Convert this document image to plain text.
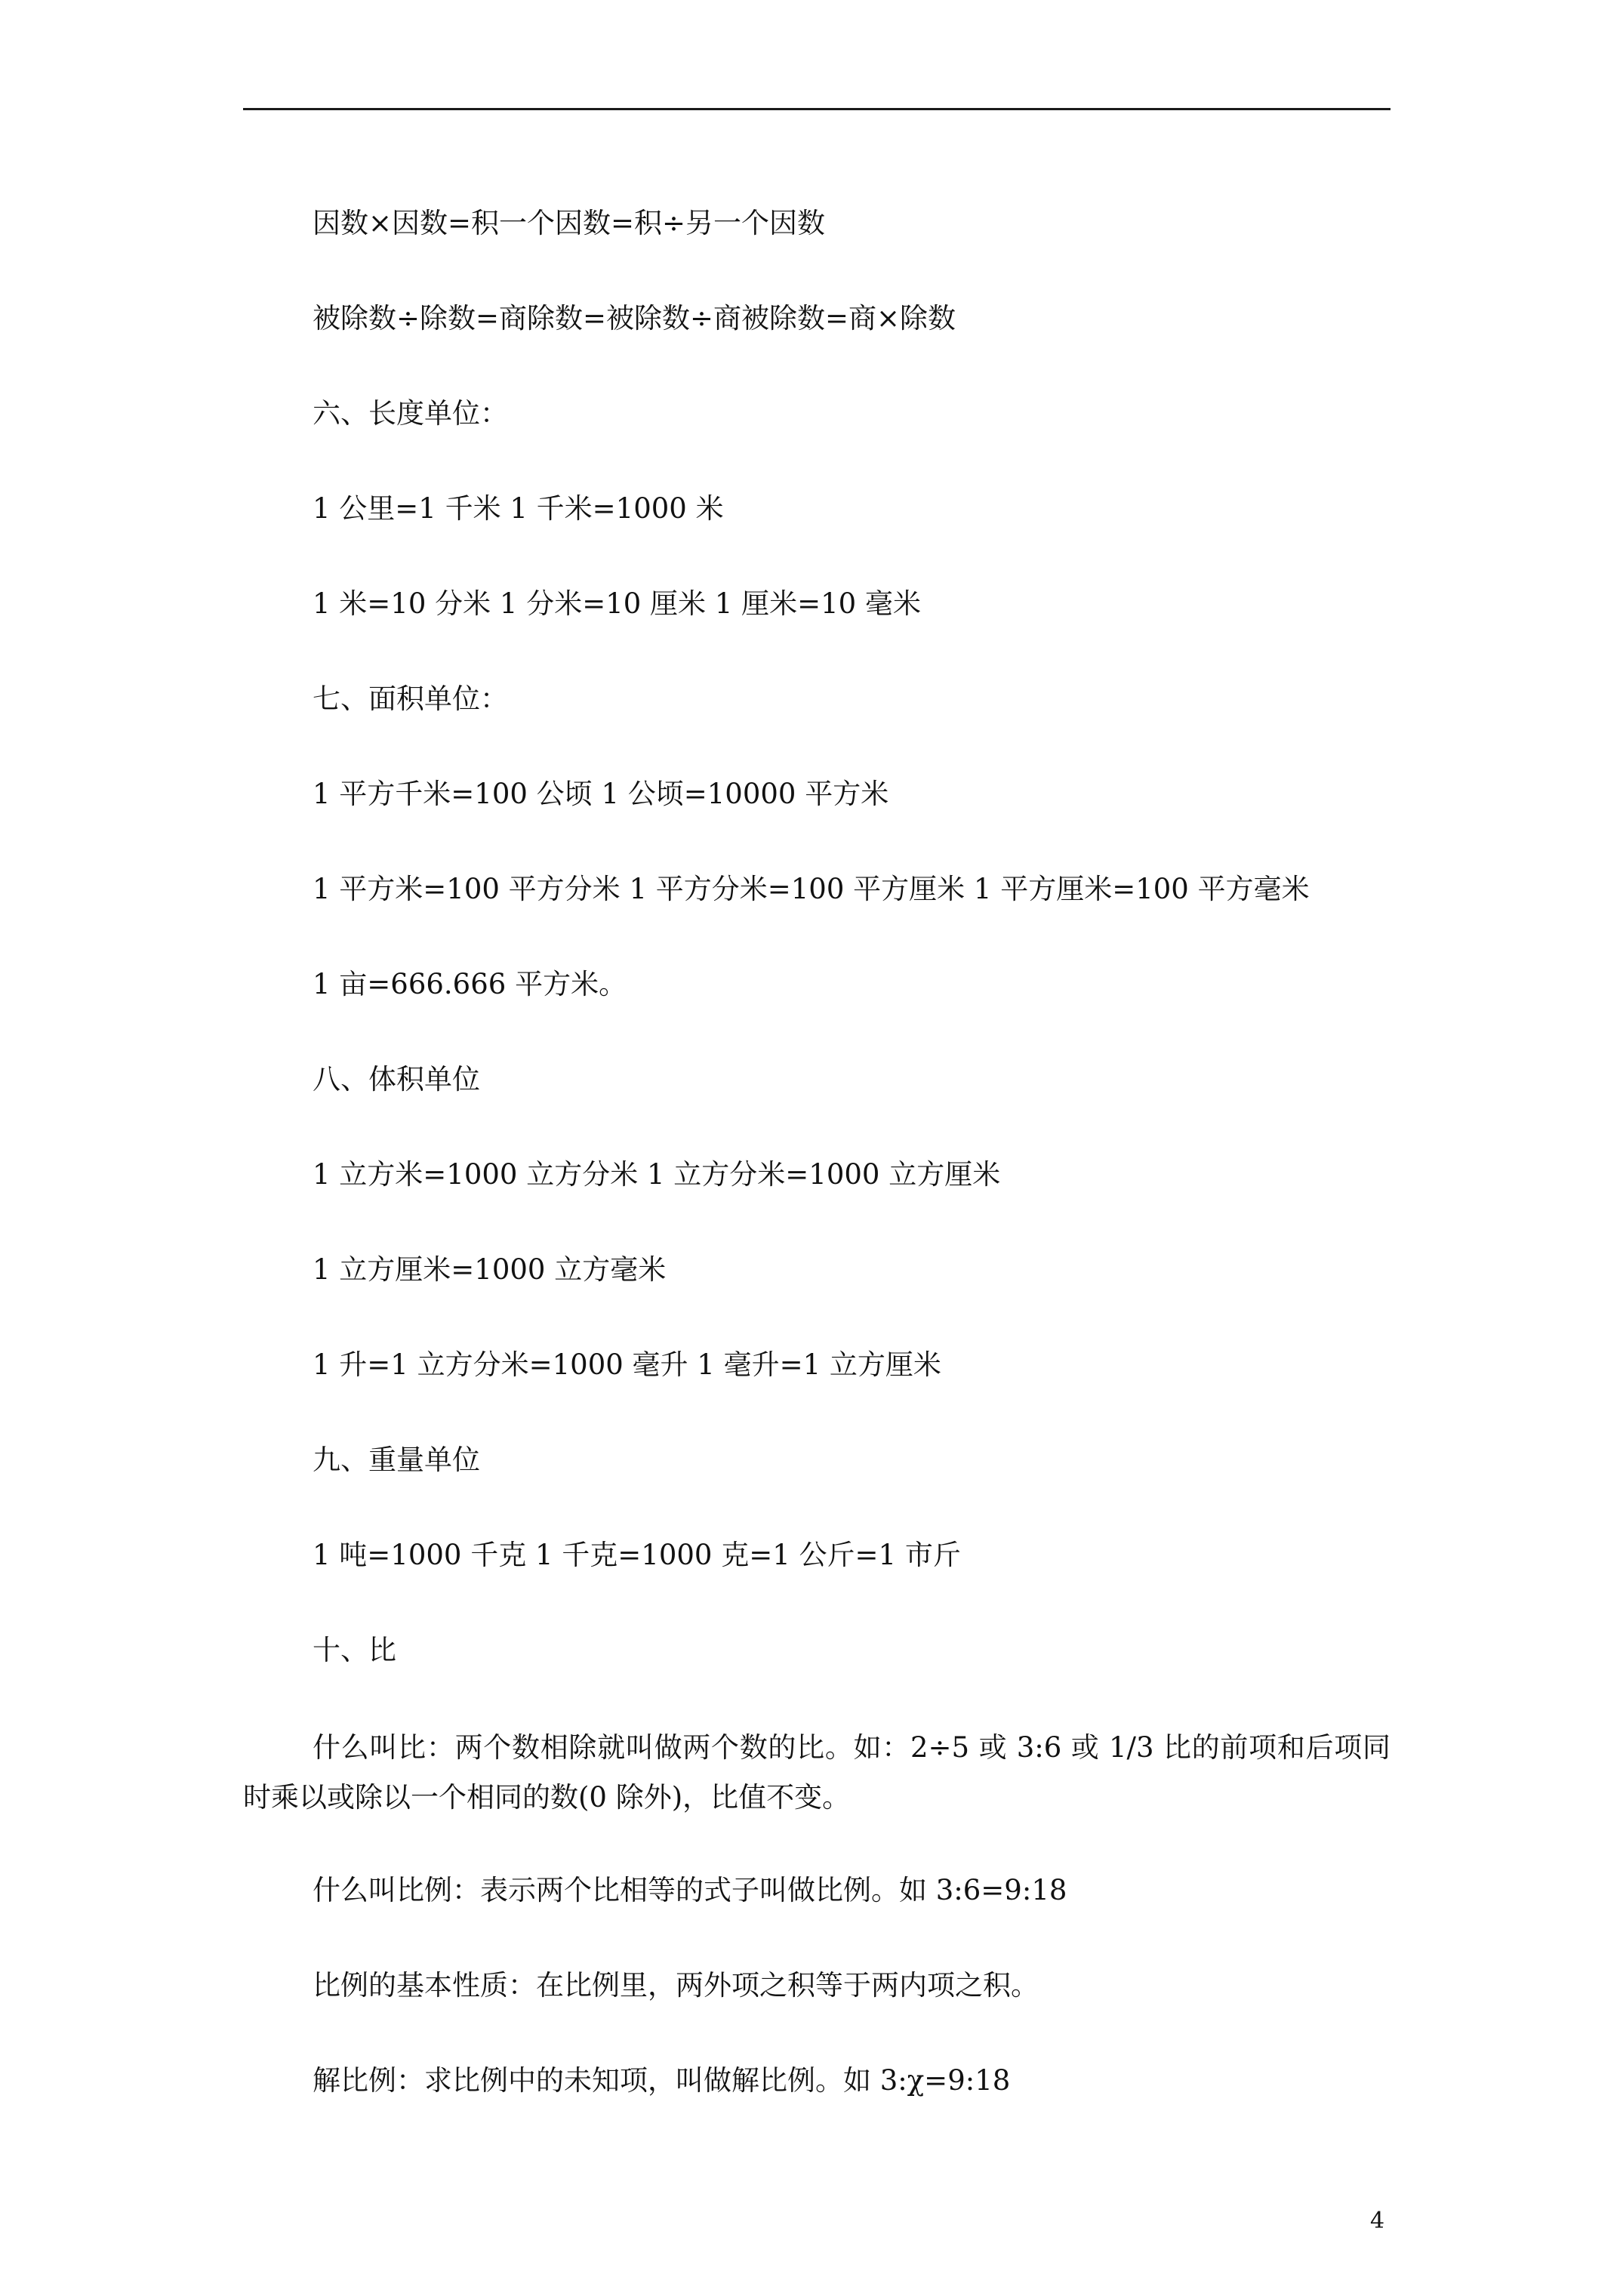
因数×因数=积一个因数=积÷另一个因数

被除数÷除数=商除数=被除数÷商被除数=商×除数

六、长度单位：

1 公里=1 千米 1 千米=1000 米

1 米=10 分米 1 分米=10 厘米 1 厘米=10 毫米

七、面积单位：

1 平方千米=100 公顷 1 公顷=10000 平方米

1 平方米=100 平方分米 1 平方分米=100 平方厘米 1 平方厘米=100 平方毫米

1 亩=666.666 平方米。

八、体积单位

1 立方米=1000 立方分米 1 立方分米=1000 立方厘米

1 立方厘米=1000 立方毫米

1 升=1 立方分米=1000 毫升 1 毫升=1 立方厘米

九、重量单位

1 吨=1000 千克 1 千克=1000 克=1 公斤=1 市斤

十、比

什么叫比：两个数相除就叫做两个数的比。如：2÷5 或 3:6 或 1/3 比的前项和后项同时乘以或除以一个相同的数(0 除外)，比值不变。

什么叫比例：表示两个比相等的式子叫做比例。如 3:6=9:18

比例的基本性质：在比例里，两外项之积等于两内项之积。

解比例：求比例中的未知项，叫做解比例。如 3:χ=9:18

4
